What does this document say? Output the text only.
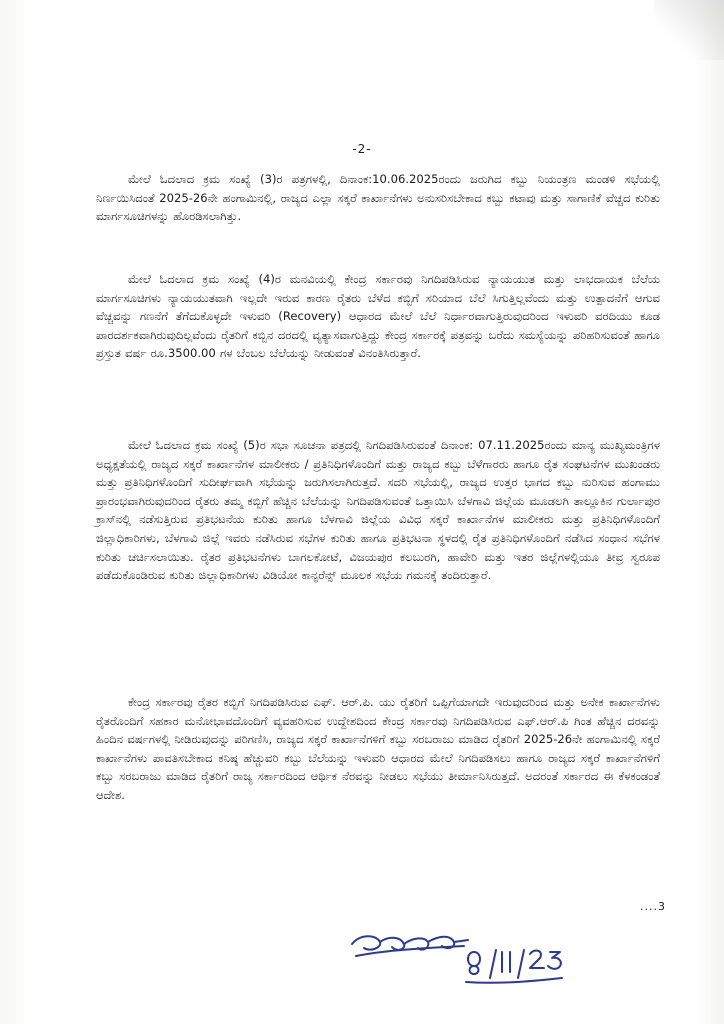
-2-

ಮೇಲೆ ಓದಲಾದ ಕ್ರಮ ಸಂಖ್ಯೆ (3)ರ ಪತ್ರಗಳಲ್ಲಿ, ದಿನಾಂಕ:10.06.2025ರಂದು ಜರುಗಿದ ಕಬ್ಬು ನಿಯಂತ್ರಣ ಮಂಡಳಿ ಸಭೆಯಲ್ಲಿ ನಿರ್ಣಯಿಸಿದಂತೆ 2025-26ನೇ ಹಂಗಾಮಿನಲ್ಲಿ, ರಾಜ್ಯದ ಎಲ್ಲಾ ಸಕ್ಕರೆ ಕಾರ್ಖಾನೆಗಳು ಅನುಸರಿಸಬೇಕಾದ ಕಬ್ಬು ಕಟಾವು ಮತ್ತು ಸಾಗಾಣಿಕೆ ವೆಚ್ಚದ ಕುರಿತು ಮಾರ್ಗಸೂಚಿಗಳನ್ನು ಹೊರಡಿಸಲಾಗಿತ್ತು.

ಮೇಲೆ ಓದಲಾದ ಕ್ರಮ ಸಂಖ್ಯೆ (4)ರ ಮನವಿಯಲ್ಲಿ ಕೇಂದ್ರ ಸರ್ಕಾರವು ನಿಗದಿಪಡಿಸಿರುವ ನ್ಯಾಯಯುತ ಮತ್ತು ಲಾಭದಾಯಕ ಬೆಲೆಯ ಮಾರ್ಗಸೂಚಿಗಳು ನ್ಯಾಯಯುತವಾಗಿ ಇಲ್ಲದೇ ಇರುವ ಕಾರಣ ರೈತರು ಬೆಳೆದ ಕಬ್ಬಿಗೆ ಸರಿಯಾದ ಬೆಲೆ ಸಿಗುತ್ತಿಲ್ಲವೆಂದು ಮತ್ತು ಉತ್ಪಾದನೆಗೆ ಆಗುವ ವೆಚ್ಚವನ್ನು ಗಣನೆಗೆ ತೆಗೆದುಕೊಳ್ಳದೇ ಇಳುವರಿ (Recovery) ಆಧಾರದ ಮೇಲೆ ಬೆಲೆ ನಿರ್ಧಾರವಾಗುತ್ತಿರುವುದರಿಂದ ಇಳುವರಿ ವರದಿಯು ಕೂಡ ಪಾರದರ್ಶಕವಾಗಿರುವುದಿಲ್ಲವೆಂದು ರೈತರಿಗೆ ಕಬ್ಬಿನ ದರದಲ್ಲಿ ವ್ಯತ್ಯಾಸವಾಗುತ್ತಿದ್ದು ಕೇಂದ್ರ ಸರ್ಕಾರಕ್ಕೆ ಪತ್ರವನ್ನು ಬರೆದು ಸಮಸ್ಯೆಯನ್ನು ಪರಿಹರಿಸುವಂತೆ ಹಾಗೂ ಪ್ರಸ್ತುತ ವರ್ಷ ರೂ.3500.00 ಗಳ ಬೆಂಬಲ ಬೆಲೆಯನ್ನು ನೀಡುವಂತೆ ವಿನಂತಿಸಿರುತ್ತಾರೆ.

ಮೇಲೆ ಓದಲಾದ ಕ್ರಮ ಸಂಖ್ಯೆ (5)ರ ಸಭಾ ಸೂಚನಾ ಪತ್ರದಲ್ಲಿ ನಿಗದಿಪಡಿಸಿರುವಂತೆ ದಿನಾಂಕ: 07.11.2025ರಂದು ಮಾನ್ಯ ಮುಖ್ಯಮಂತ್ರಿಗಳ ಅಧ್ಯಕ್ಷತೆಯಲ್ಲಿ ರಾಜ್ಯದ ಸಕ್ಕರೆ ಕಾರ್ಖಾನೆಗಳ ಮಾಲೀಕರು / ಪ್ರತಿನಿಧಿಗಳೊಂದಿಗೆ ಮತ್ತು ರಾಜ್ಯದ ಕಬ್ಬು ಬೆಳೆಗಾರರು ಹಾಗೂ ರೈತ ಸಂಘಟನೆಗಳ ಮುಖಂಡರು ಮತ್ತು ಪ್ರತಿನಿಧಿಗಳೊಂದಿಗೆ ಸುದೀರ್ಘವಾಗಿ ಸಭೆಯನ್ನು ಜರುಗಿಸಲಾಗಿರುತ್ತದೆ. ಸದರಿ ಸಭೆಯಲ್ಲಿ, ರಾಜ್ಯದ ಉತ್ತರ ಭಾಗದ ಕಬ್ಬು ನುರಿಸುವ ಹಂಗಾಮು ಪ್ರಾರಂಭವಾಗಿರುವುದರಿಂದ ರೈತರು ತಮ್ಮ ಕಬ್ಬಿಗೆ ಹೆಚ್ಚಿನ ಬೆಲೆಯನ್ನು ನಿಗದಿಪಡಿಸುವಂತೆ ಒತ್ತಾಯಿಸಿ ಬೆಳಗಾವಿ ಜಿಲ್ಲೆಯ ಮೂಡಲಗಿ ತಾಲ್ಲೂಕಿನ ಗುರ್ಲಾಪುರ ಕ್ರಾಸ್‌ನಲ್ಲಿ ನಡೆಸುತ್ತಿರುವ ಪ್ರತಿಭಟನೆಯ ಕುರಿತು ಹಾಗೂ ಬೆಳಗಾವಿ ಜಿಲ್ಲೆಯ ವಿವಿಧ ಸಕ್ಕರೆ ಕಾರ್ಖಾನೆಗಳ ಮಾಲೀಕರು ಮತ್ತು ಪ್ರತಿನಿಧಿಗಳೊಂದಿಗೆ ಜಿಲ್ಲಾಧಿಕಾರಿಗಳು, ಬೆಳಗಾವಿ ಜಿಲ್ಲೆ ಇವರು ನಡೆಸಿರುವ ಸಭೆಗಳ ಕುರಿತು ಹಾಗೂ ಪ್ರತಿಭಟನಾ ಸ್ಥಳದಲ್ಲಿ ರೈತ ಪ್ರತಿನಿಧಿಗಳೊಂದಿಗೆ ನಡೆಸಿದ ಸಂಧಾನ ಸಭೆಗಳ ಕುರಿತು ಚರ್ಚಿಸಲಾಯಿತು. ರೈತರ ಪ್ರತಿಭಟನೆಗಳು ಬಾಗಲಕೋಟೆ, ವಿಜಯಪುರ ಕಲಬುರಗಿ, ಹಾವೇರಿ ಮತ್ತು ಇತರ ಜಿಲ್ಲೆಗಳಲ್ಲಿಯೂ ತೀವ್ರ ಸ್ವರೂಪ ಪಡೆದುಕೊಂಡಿರುವ ಕುರಿತು ಜಿಲ್ಲಾಧಿಕಾರಿಗಳು ವಿಡಿಯೋ ಕಾನ್ಫರೆನ್ಸ್ ಮೂಲಕ ಸಭೆಯ ಗಮನಕ್ಕೆ ತಂದಿರುತ್ತಾರೆ.

ಕೇಂದ್ರ ಸರ್ಕಾರವು ರೈತರ ಕಬ್ಬಿಗೆ ನಿಗದಿಪಡಿಸಿರುವ ಎಫ್. ಆರ್.ಪಿ. ಯು ರೈತರಿಗೆ ಒಪ್ಪಿಗೆಯಾಗದೇ ಇರುವುದರಿಂದ ಮತ್ತು ಅನೇಕ ಕಾರ್ಖಾನೆಗಳು ರೈತರೊಂದಿಗೆ ಸಹಕಾರ ಮನೋಭಾವದೊಂದಿಗೆ ವ್ಯವಹರಿಸುವ ಉದ್ದೇಶದಿಂದ ಕೇಂದ್ರ ಸರ್ಕಾರವು ನಿಗದಿಪಡಿಸಿರುವ ಎಫ್.ಆರ್.ಪಿ ಗಿಂತ ಹೆಚ್ಚಿನ ದರವನ್ನು ಹಿಂದಿನ ವರ್ಷಗಳಲ್ಲಿ ನೀಡಿರುವುದನ್ನು ಪರಿಗಣಿಸಿ, ರಾಜ್ಯದ ಸಕ್ಕರೆ ಕಾರ್ಖಾನೆಗಳಿಗೆ ಕಬ್ಬು ಸರಬರಾಜು ಮಾಡಿದ ರೈತರಿಗೆ 2025-26ನೇ ಹಂಗಾಮಿನಲ್ಲಿ ಸಕ್ಕರೆ ಕಾರ್ಖಾನೆಗಳು ಪಾವತಿಸಬೇಕಾದ ಕನಿಷ್ಠ ಹೆಚ್ಚುವರಿ ಕಬ್ಬು ಬೆಲೆಯನ್ನು ಇಳುವರಿ ಆಧಾರದ ಮೇಲೆ ನಿಗದಿಪಡಿಸಲು ಹಾಗೂ ರಾಜ್ಯದ ಸಕ್ಕರೆ ಕಾರ್ಖಾನೆಗಳಿಗೆ ಕಬ್ಬು ಸರಬರಾಜು ಮಾಡಿದ ರೈತರಿಗೆ ರಾಜ್ಯ ಸರ್ಕಾರದಿಂದ ಆರ್ಥಿಕ ನೆರವನ್ನು ನೀಡಲು ಸಭೆಯು ತೀರ್ಮಾನಿಸಿರುತ್ತದೆ. ಅದರಂತೆ ಸರ್ಕಾರದ ಈ ಕೆಳಕಂಡಂತೆ ಆದೇಶ.

....3
